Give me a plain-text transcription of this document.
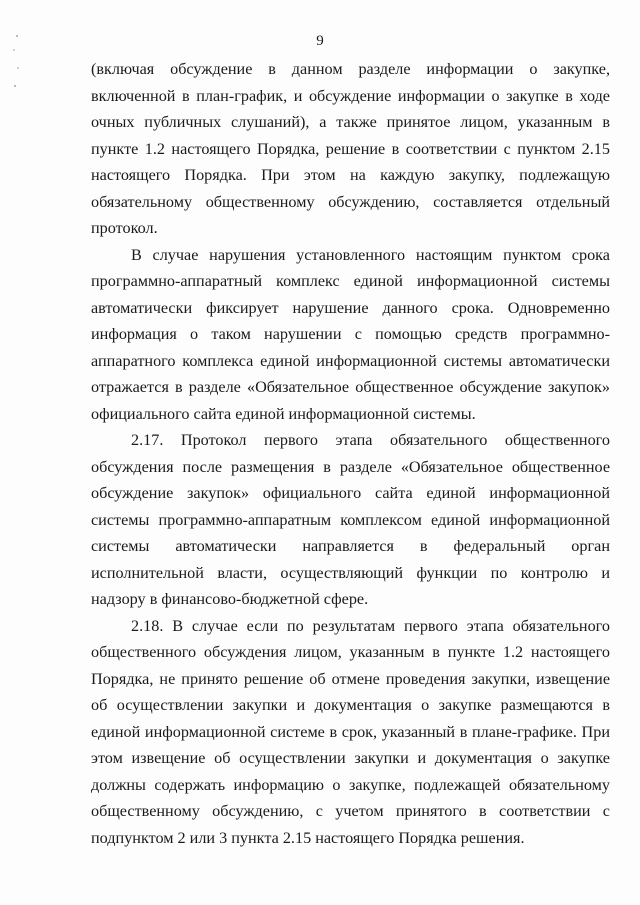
9

(включая обсуждение в данном разделе информации о закупке, включенной в план-график, и обсуждение информации о закупке в ходе очных публичных слушаний), а также принятое лицом, указанным в пункте 1.2 настоящего Порядка, решение в соответствии с пунктом 2.15 настоящего Порядка. При этом на каждую закупку, подлежащую обязательному общественному обсуждению, составляется отдельный протокол.

В случае нарушения установленного настоящим пунктом срока программно-аппаратный комплекс единой информационной системы автоматически фиксирует нарушение данного срока. Одновременно информация о таком нарушении с помощью средств программно-аппаратного комплекса единой информационной системы автоматически отражается в разделе «Обязательное общественное обсуждение закупок» официального сайта единой информационной системы.

2.17. Протокол первого этапа обязательного общественного обсуждения после размещения в разделе «Обязательное общественное обсуждение закупок» официального сайта единой информационной системы программно-аппаратным комплексом единой информационной системы автоматически направляется в федеральный орган исполнительной власти, осуществляющий функции по контролю и надзору в финансово-бюджетной сфере.

2.18. В случае если по результатам первого этапа обязательного общественного обсуждения лицом, указанным в пункте 1.2 настоящего Порядка, не принято решение об отмене проведения закупки, извещение об осуществлении закупки и документация о закупке размещаются в единой информационной системе в срок, указанный в плане-графике. При этом извещение об осуществлении закупки и документация о закупке должны содержать информацию о закупке, подлежащей обязательному общественному обсуждению, с учетом принятого в соответствии с подпунктом 2 или 3 пункта 2.15 настоящего Порядка решения.
